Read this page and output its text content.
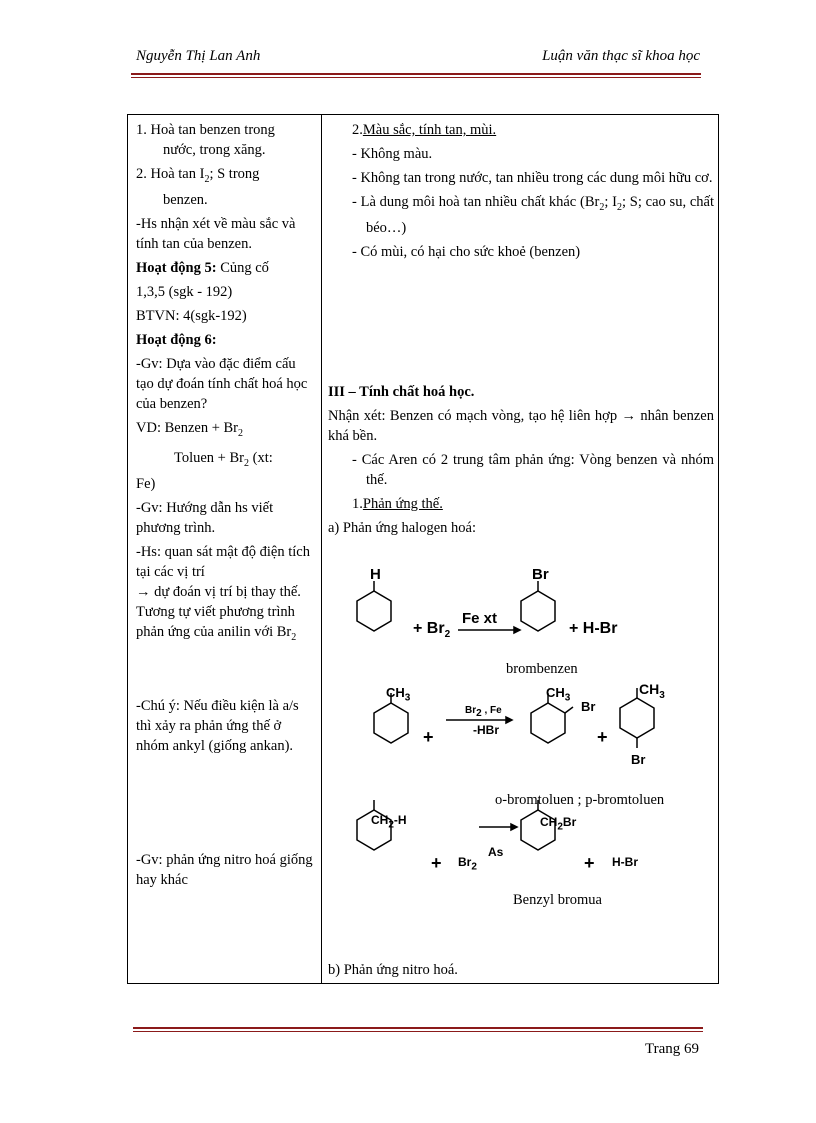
Nguyễn Thị Lan Anh	Luận văn thạc sĩ khoa học

1. Hoà tan benzen trong
nước, trong xăng.

2. Hoà $\tan I_2$; S trong
benzen.

-Hs nhận xét về màu sắc và tính tan của benzen.

Hoạt động 5: Củng cố

1,3,5 (sgk - 192)

BTVN: 4(sgk-192)

Hoạt động 6:

-Gv: Dựa vào đặc điểm cấu tạo dự đoán tính chất hoá học của benzen?

VD: Benzen + $Br_2$

Toluen + $Br_2$ (xt:
Fe)

-Gv: Hướng dẫn hs viết phương trình.

-Hs: quan sát mật độ điện tích tại các vị trí
→ dự đoán vị trí bị thay thế. Tương tự viết phương trình phản ứng của anilin với $Br_2$

-Chú ý: Nếu điều kiện là a/s thì xảy ra phản ứng thế ở nhóm ankyl (giống ankan).

-Gv: phản ứng nitro hoá giống hay khác

2.Màu sắc, tính tan, mùi.

- Không màu.

- Không tan trong nước, tan nhiều trong các dung môi hữu cơ.

- Là dung môi hoà tan nhiều chất khác ($Br_2$; $I_2$; S; cao su, chất béo…)

- Có mùi, có hại cho sức khoẻ (benzen)

III – Tính chất hoá học.

Nhận xét: Benzen có mạch vòng, tạo hệ liên hợp → nhân benzen khá bền.

- Các Aren có 2 trung tâm phản ứng: Vòng benzen và nhóm thế.

1.Phản ứng thế.

a) Phản ứng halogen hoá:

H
+ $Br_2$
Fe xt
Br
+ H-Br
brombenzen
$CH_3$
+
Br2 , Fe
-HBr
$CH_3$
Br
+
$CH_3$
Br
o-bromtoluen ; p-bromtoluen
$CH_2-H$
+ $Br_2$
As
$CH_2Br$
+ H-Br
Benzyl bromua
b) Phản ứng nitro hoá.
Trang 69
